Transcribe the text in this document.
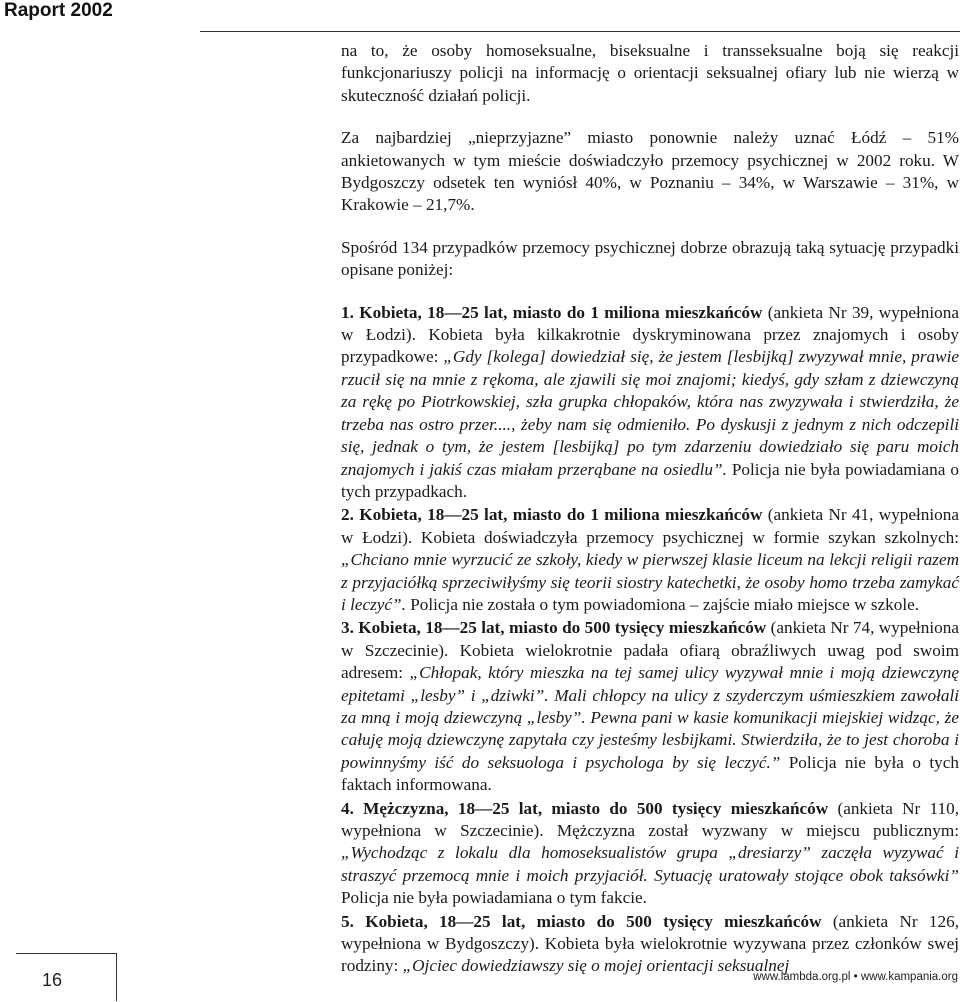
Raport 2002

na to, że osoby homoseksualne, biseksualne i transseksualne boją się reakcji funkcjonariuszy policji na informację o orientacji seksualnej ofiary lub nie wierzą w skuteczność działań policji.

Za najbardziej „nieprzyjazne” miasto ponownie należy uznać Łódź – 51% ankietowanych w tym mieście doświadczyło przemocy psychicznej w 2002 roku. W Bydgoszczy odsetek ten wyniósł 40%, w Poznaniu – 34%, w Warszawie – 31%, w Krakowie – 21,7%.

Spośród 134 przypadków przemocy psychicznej dobrze obrazują taką sytuację przypadki opisane poniżej:

1. Kobieta, 18—25 lat, miasto do 1 miliona mieszkańców (ankieta Nr 39, wypełniona w Łodzi). Kobieta była kilkakrotnie dyskryminowana przez znajomych i osoby przypadkowe: „Gdy [kolega] dowiedział się, że jestem [lesbijką] zwyzywał mnie, prawie rzucił się na mnie z rękoma, ale zjawili się moi znajomi; kiedyś, gdy szłam z dziewczyną za rękę po Piotrkowskiej, szła grupka chłopaków, która nas zwyzywała i stwierdziła, że trzeba nas ostro przer...., żeby nam się odmieniło. Po dyskusji z jednym z nich odczepili się, jednak o tym, że jestem [lesbijką] po tym zdarzeniu dowiedziało się paru moich znajomych i jakiś czas miałam przerąbane na osiedlu”. Policja nie była powiadamiana o tych przypadkach.

2. Kobieta, 18—25 lat, miasto do 1 miliona mieszkańców (ankieta Nr 41, wypełniona w Łodzi). Kobieta doświadczyła przemocy psychicznej w formie szykan szkolnych: „Chciano mnie wyrzucić ze szkoły, kiedy w pierwszej klasie liceum na lekcji religii razem z przyjaciółką sprzeciwiłyśmy się teorii siostry katechetki, że osoby homo trzeba zamykać i leczyć”. Policja nie została o tym powiadomiona – zajście miało miejsce w szkole.

3. Kobieta, 18—25 lat, miasto do 500 tysięcy mieszkańców (ankieta Nr 74, wypełniona w Szczecinie). Kobieta wielokrotnie padała ofiarą obraźliwych uwag pod swoim adresem: „Chłopak, który mieszka na tej samej ulicy wyzywał mnie i moją dziewczynę epitetami „lesby” i „dziwki”. Mali chłopcy na ulicy z szyderczym uśmieszkiem zawołali za mną i moją dziewczyną „lesby”. Pewna pani w kasie komunikacji miejskiej widząc, że całuję moją dziewczynę zapytała czy jesteśmy lesbijkami. Stwierdziła, że to jest choroba i powinnyśmy iść do seksuologa i psychologa by się leczyć.” Policja nie była o tych faktach informowana.

4. Mężczyzna, 18—25 lat, miasto do 500 tysięcy mieszkańców (ankieta Nr 110, wypełniona w Szczecinie). Mężczyzna został wyzwany w miejscu publicznym: „Wychodząc z lokalu dla homoseksualistów grupa „dresiarzy” zaczęła wyzywać i straszyć przemocą mnie i moich przyjaciół. Sytuację uratowały stojące obok taksówki” Policja nie była powiadamiana o tym fakcie.

5. Kobieta, 18—25 lat, miasto do 500 tysięcy mieszkańców (ankieta Nr 126, wypełniona w Bydgoszczy). Kobieta była wielokrotnie wyzywana przez członków swej rodziny: „Ojciec dowiedziawszy się o mojej orientacji seksualnej

16	www.lambda.org.pl • www.kampania.org
